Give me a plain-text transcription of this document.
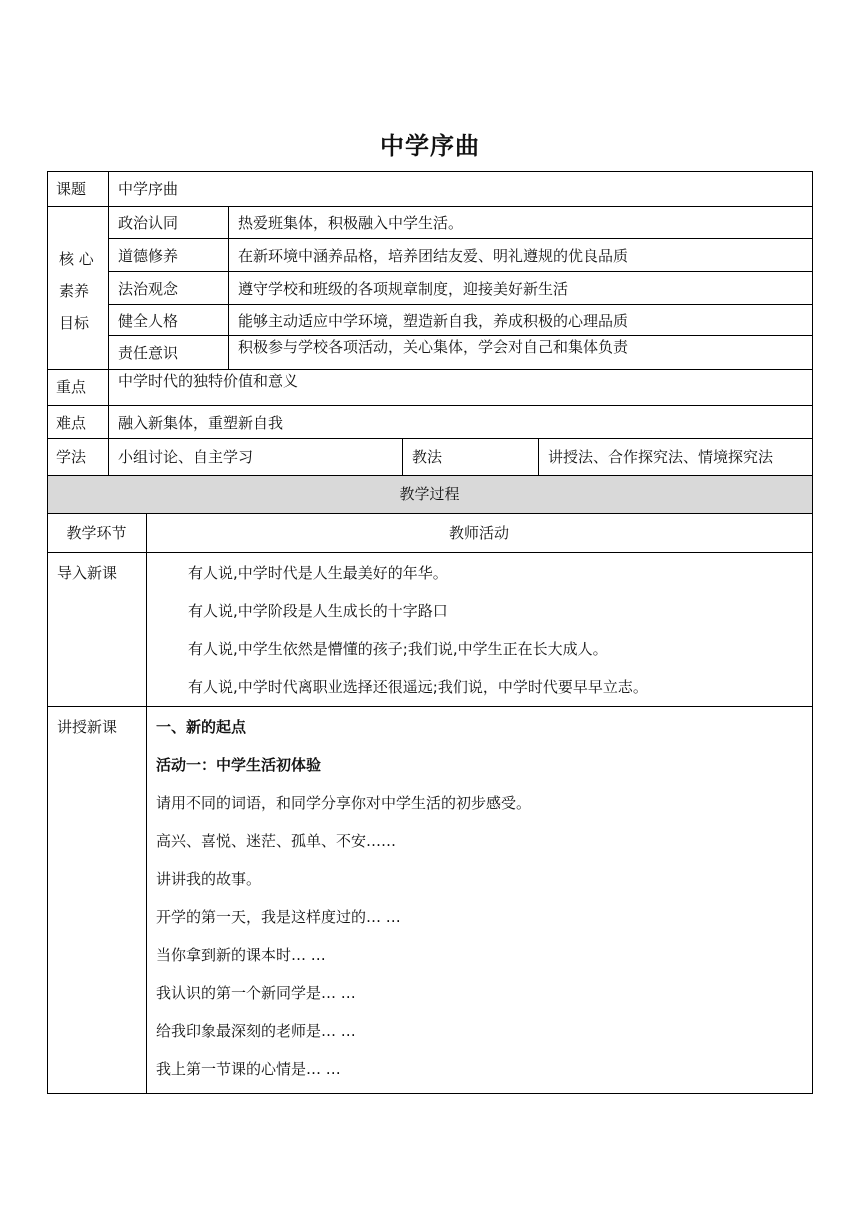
中学序曲
课题 中学序曲
核 心
素养
目标
政治认同	热爱班集体，积极融入中学生活。
道德修养	在新环境中涵养品格，培养团结友爱、明礼遵规的优良品质
法治观念	遵守学校和班级的各项规章制度，迎接美好新生活
健全人格	能够主动适应中学环境，塑造新自我，养成积极的心理品质
责任意识	积极参与学校各项活动，关心集体，学会对自己和集体负责
重点 中学时代的独特价值和意义
难点 融入新集体，重塑新自我
学法 小组讨论、自主学习	教法	讲授法、合作探究法、情境探究法
教学过程
教学环节	教师活动
导入新课	有人说,中学时代是人生最美好的年华。
有人说,中学阶段是人生成长的十字路口
有人说,中学生依然是懵懂的孩子;我们说,中学生正在长大成人。
有人说,中学时代离职业选择还很遥远;我们说，中学时代要早早立志。
讲授新课	一、新的起点
活动一：中学生活初体验
请用不同的词语，和同学分享你对中学生活的初步感受。
高兴、喜悦、迷茫、孤单、不安……
讲讲我的故事。
开学的第一天，我是这样度过的… …
当你拿到新的课本时… …
我认识的第一个新同学是… …
给我印象最深刻的老师是… …
我上第一节课的心情是… …
